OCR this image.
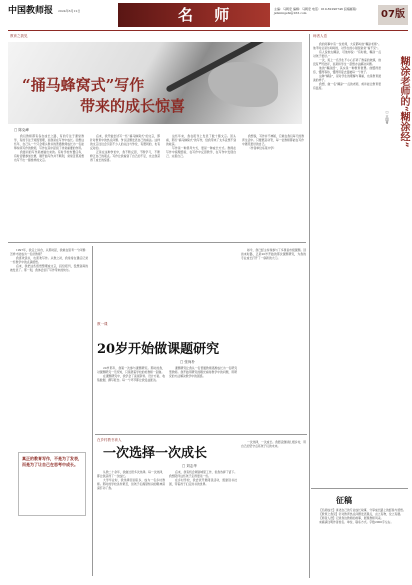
中国教师报 2024年6月12日	名 师	主编：马朝宏 编辑：马朝宏 电话：010-82296746 投稿邮箱：jshmingshi@163.com	07版
教育之我见
“捅马蜂窝式”写作
带来的成长惊喜
□ 陈克峰

我们教师都有各自成长之路，有的专注于课堂教学，有的专注于班级管理，而我是在写作中成长。回想这些年，自己从一个只会埋头教书的普通教师成长为一名能够持续写作的教师，写作在其中起到了非常重要的作用。

我最初的写作是被逼出来的。有时学校布置任务，有时需要参加比赛，刚开始写作并不顺利，常常苦思冥想也写不出一篇像样的文章。

后来，我开始尝试写一些“捅马蜂窝式”的文章，即针对教育中的热点问题、争议话题发表自己的看法。这样的文章往往会引起不少人的关注与争论，有赞同的，也有反对的。

正是在这种争论中，我不断反思，不断学习，不断修正自己的观点。写作让我看到了自己的不足，也让我获得了成长的惊喜。

这些年来，我在报刊上发表了数十篇文章。回头看，那些“捅马蜂窝式”的写作，给我带来了太多意想不到的收获。

写作是一种思考方式，更是一种成长方式。教师在写作中梳理经验，在写作中反思教学，在写作中发现自己、完善自己。

我想说，写作并不神秘，它就在我们每天的教育生活中。只要愿意动笔，每一位教师都能在写作中遇见更好的自己。

（作者单位系某中学）

1997年，我走上讲台，从那时起，我就在思考一个问题：怎样才能成为一名好教师？

我喜欢读书，也喜欢写作。从教之初，我常常在课后记录一些教学中的点滴感悟。

后来，我把这些感悟整理成文章，投给报刊，没想到真的被发表了。那一刻，我体会到了写作带来的快乐。

真正的教育写作，不是为了发表，而是为了让自己在思考中成长。
教一课
20岁开始做课题研究
□ 张尚朴

20岁那年，我第一次参与课题研究。那时的我，对课题研究一无所知，只是跟着学校的老教师一起做。

在课题研究中，我学会了查阅资料、设计方案、收集数据、撰写报告。每一个环节都让我受益匪浅。

课题研究让我从一名普通教师逐渐成长为一名研究型教师。我开始用研究的眼光看待教学中的问题，用研究的方法解决教学中的困惑。

如今，我已经主持和参与了多项省市级课题。回首来时路，正是20岁开始的那次课题研究，为我的专业成长打开了一扇新的大门。

在乡村教书育人
一次选择一次成长
□ 刘志华

从教二十余年，我做过很多次选择。每一次选择，都让我获得了一次成长。

大学毕业时，我选择回到家乡，成为一名乡村教师。那时的学校条件艰苦，但孩子们渴望知识的眼神深深打动了我。

后来，我有机会调到城里工作，但我选择了留下。我想陪伴这些孩子走得更远一些。

在乡村学校，我尝试开展阅读活动，组建读书社团，带着孩子们走进书的世界。

一次选择，一次成长。我愿意继续扎根乡村，用自己的坚守点亮孩子们的未来。

师者人语
糊涂老师的“糊涂经”
□ 王国青

我的同事中有一位老师，大家都叫他“糊涂老师”。他平时总是乐呵呵的，对学生的小错误常常“看不见”。

有人说他太糊涂，可他却说：“有时候，糊涂一点对孩子更好。”

一次，班上一名学生不小心打碎了教室的玻璃，他没有严厉批评，而是和学生一起想办法解决问题。

他的“糊涂经”，其实是一种教育智慧。他懂得宽容，懂得等待，懂得用爱去温暖每一个孩子。

这种“糊涂”，是对学生的理解与尊重，也是教育最美的样子。

我想，做一名“糊涂”一点的老师，或许能让教育更有温度。

征稿

【名师成长】讲述自己的专业成长故事，分享成长路上的经验与感悟。

【教育之我见】针对教育热点问题发表观点，言之有物，论之有据。

【师者人语】记录身边教师的故事，展现教师风采。

来稿请注明作者姓名、单位、联系方式。字数2000字左右。
